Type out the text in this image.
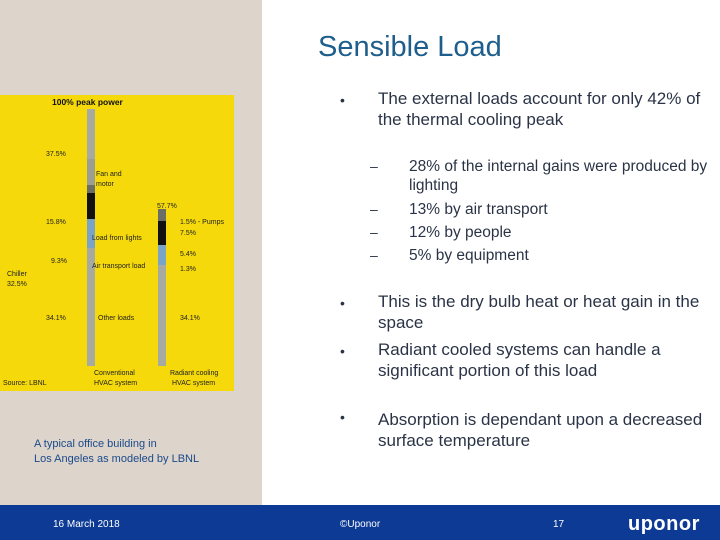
100% peak power
37.5%
15.8%
9.3%
Chiller
32.5%
34.1%
Source: LBNL
Fan and
motor
Load from lights
Air transport load
Other loads
57.7%
1.5% - Pumps
7.5%
5.4%
1.3%
34.1%
Conventional
HVAC system
Radiant cooling
HVAC system
A typical office building in
Los Angeles as modeled by LBNL
Sensible Load
• The external loads account for only 42% of the thermal cooling peak
– 28% of the internal gains were produced by lighting
– 13% by air transport
– 12% by people
– 5% by equipment
• This is the dry bulb heat or heat gain in the space
• Radiant cooled systems can handle a significant portion of this load
• Absorption is dependant upon a decreased surface temperature
16 March 2018	©Uponor	17	uponor
